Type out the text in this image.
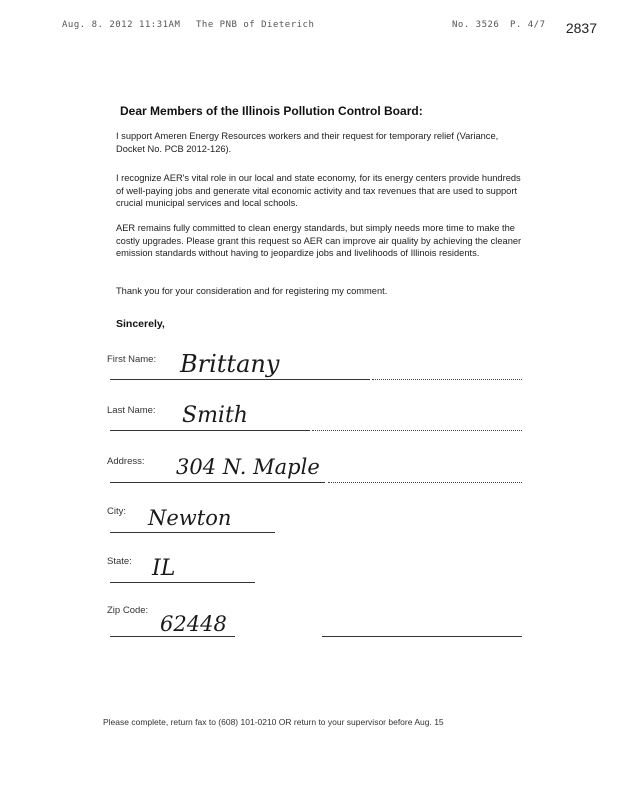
Aug. 8. 2012 11:31AM The PNB of Dieterich	No. 3526 P. 4/7 2837
Dear Members of the Illinois Pollution Control Board:
I support Ameren Energy Resources workers and their request for temporary relief (Variance, Docket No. PCB 2012-126).
I recognize AER's vital role in our local and state economy, for its energy centers provide hundreds of well-paying jobs and generate vital economic activity and tax revenues that are used to support crucial municipal services and local schools.
AER remains fully committed to clean energy standards, but simply needs more time to make the costly upgrades. Please grant this request so AER can improve air quality by achieving the cleaner emission standards without having to jeopardize jobs and livelihoods of Illinois residents.
Thank you for your consideration and for registering my comment.
Sincerely,
First Name: Brittany
Last Name: Smith
Address: 304 N. Maple
City: Newton
State: IL
Zip Code:
62448
Please complete, return fax to (608) 101-0210 OR return to your supervisor before Aug. 15
